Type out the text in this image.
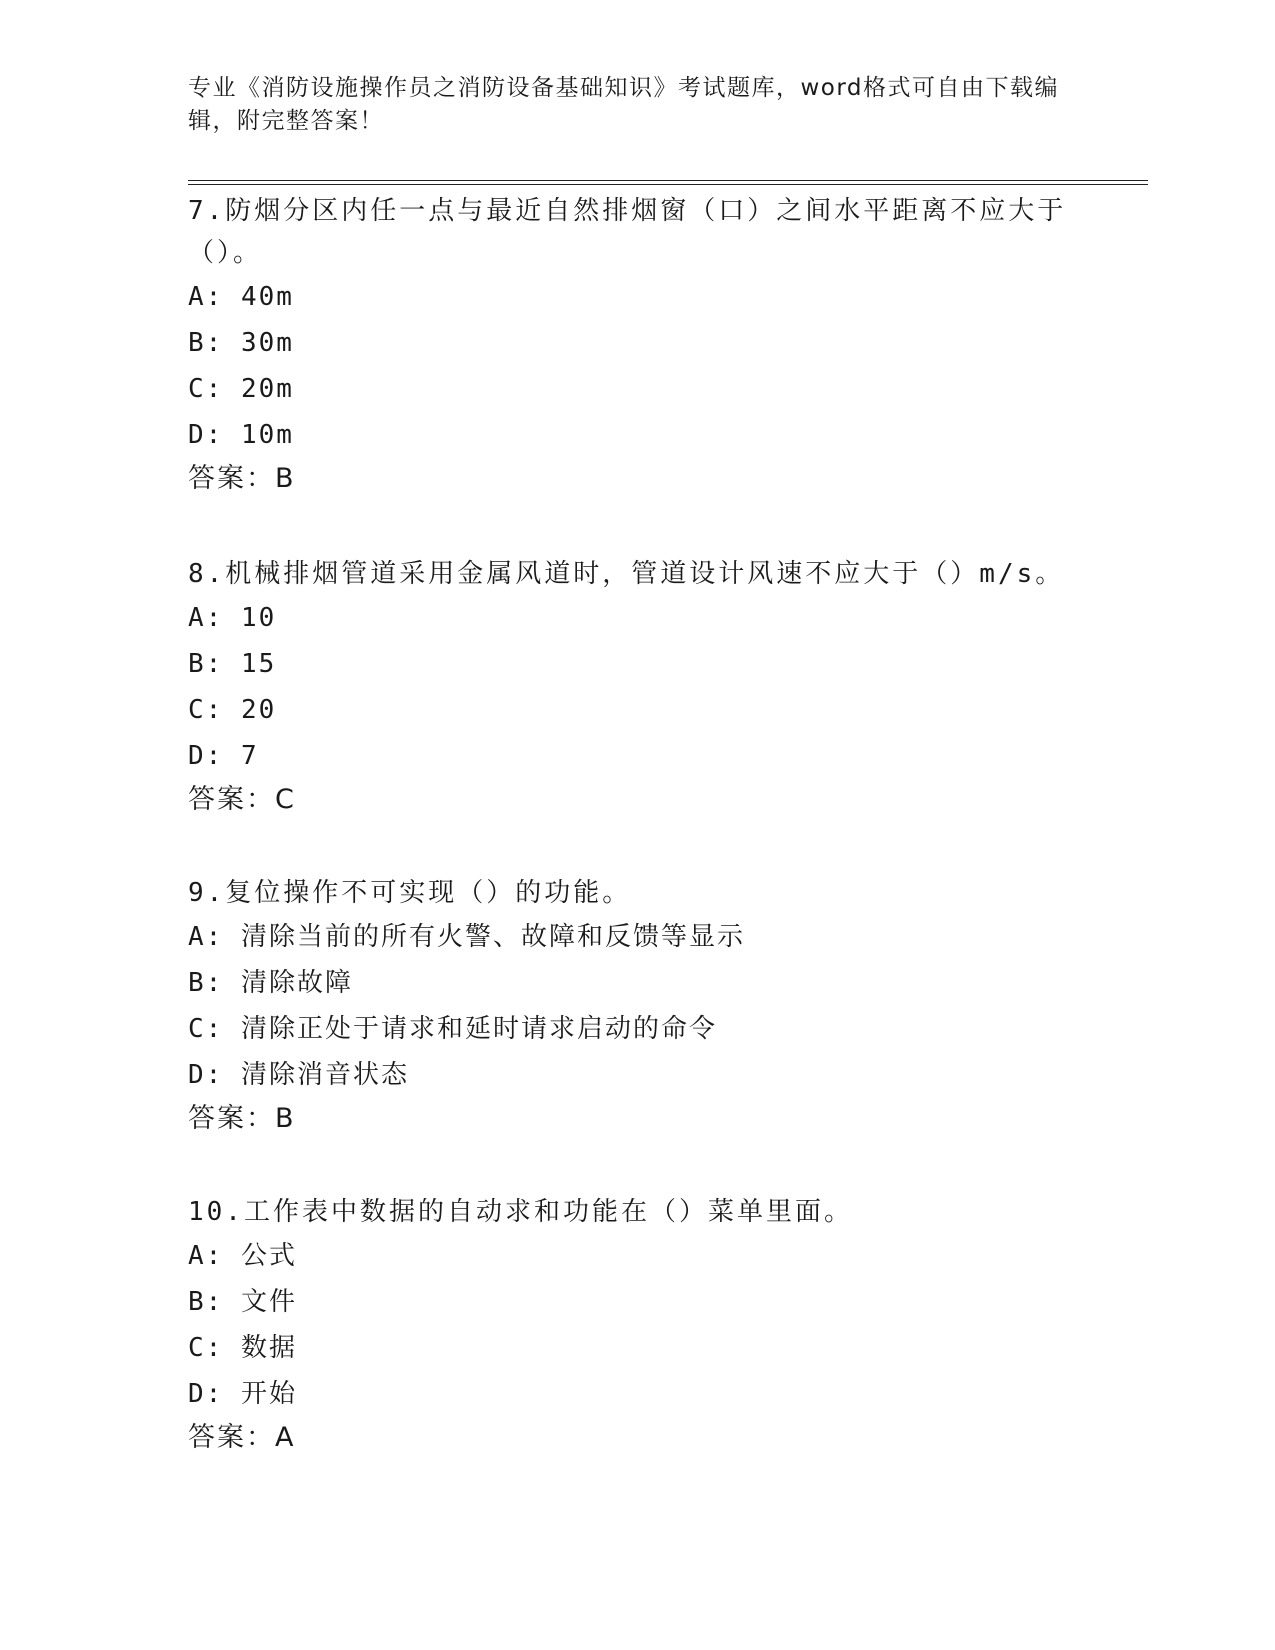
专业《消防设施操作员之消防设备基础知识》考试题库，word格式可自由下载编辑，附完整答案！

7.防烟分区内任一点与最近自然排烟窗（口）之间水平距离不应大于（）。

A: 40m
B: 30m
C: 20m
D: 10m
答案：B

8.机械排烟管道采用金属风道时，管道设计风速不应大于（）m/s。

A: 10
B: 15
C: 20
D: 7
答案：C

9.复位操作不可实现（）的功能。

A: 清除当前的所有火警、故障和反馈等显示
B: 清除故障
C: 清除正处于请求和延时请求启动的命令
D: 清除消音状态
答案：B

10.工作表中数据的自动求和功能在（）菜单里面。

A: 公式
B: 文件
C: 数据
D: 开始
答案：A
